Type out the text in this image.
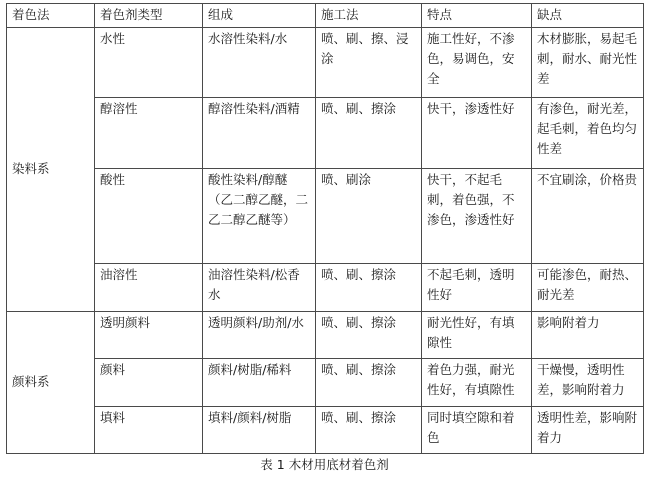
着色法	着色剂类型	组成	施工法	特点	缺点
染料系	水性	水溶性染料/水	喷、刷、擦、浸涂	施工性好，不渗色，易调色，安全	木材膨胀，易起毛刺，耐水、耐光性差
	醇溶性	醇溶性染料/酒精	喷、刷、擦涂	快干，渗透性好	有渗色，耐光差，起毛刺，着色均匀性差
	酸性	酸性染料/醇醚（乙二醇乙醚，二乙二醇乙醚等）	喷、刷涂	快干，不起毛刺，着色强，不渗色，渗透性好	不宜刷涂，价格贵
	油溶性	油溶性染料/松香水	喷、刷、擦涂	不起毛刺，透明性好	可能渗色，耐热、耐光差
颜料系	透明颜料	透明颜料/助剂/水	喷、刷、擦涂	耐光性好，有填隙性	影响附着力
	颜料	颜料/树脂/稀料	喷、刷、擦涂	着色力强，耐光性好，有填隙性	干燥慢，透明性差，影响附着力
	填料	填料/颜料/树脂	喷、刷、擦涂	同时填空隙和着色	透明性差，影响附着力
表 1 木材用底材着色剂
